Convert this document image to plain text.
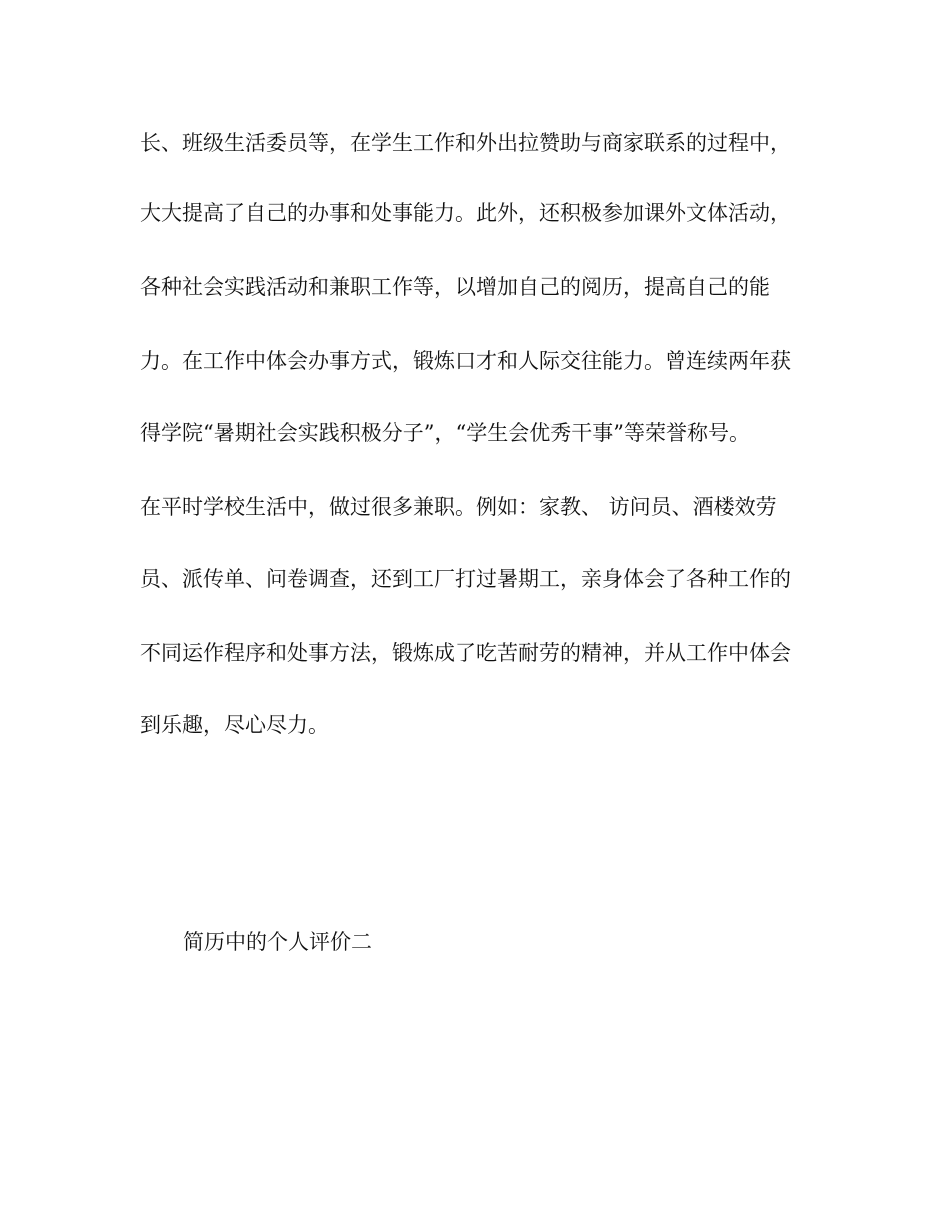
长、班级生活委员等，在学生工作和外出拉赞助与商家联系的过程中，
大大提高了自己的办事和处事能力。此外，还积极参加课外文体活动，
各种社会实践活动和兼职工作等，以增加自己的阅历，提高自己的能
力。在工作中体会办事方式，锻炼口才和人际交往能力。曾连续两年获
得学院“暑期社会实践积极分子”，“学生会优秀干事”等荣誉称号。
在平时学校生活中，做过很多兼职。例如：家教、 访问员、酒楼效劳
员、派传单、问卷调查，还到工厂打过暑期工，亲身体会了各种工作的
不同运作程序和处事方法，锻炼成了吃苦耐劳的精神，并从工作中体会
到乐趣，尽心尽力。
简历中的个人评价二
